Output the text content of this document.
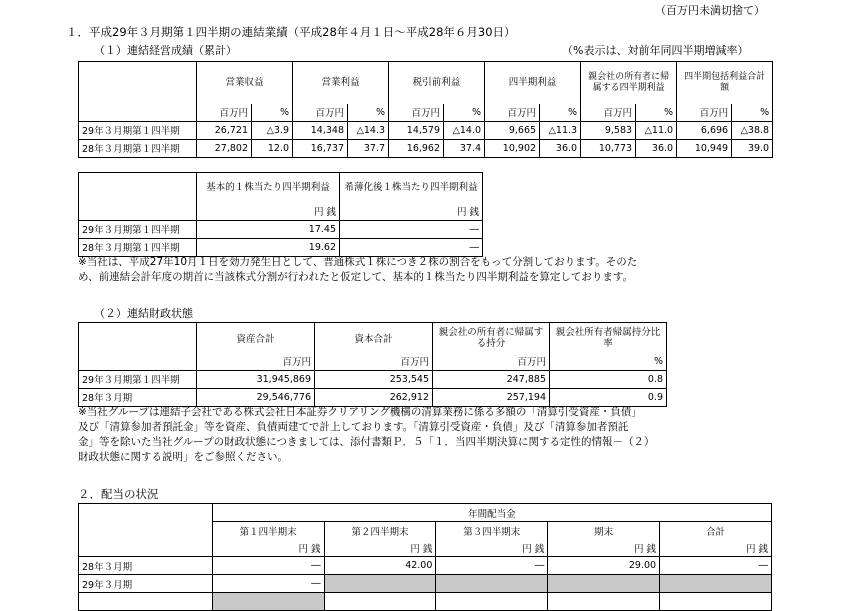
（百万円未満切捨て）
１．平成29年３月期第１四半期の連結業績（平成28年４月１日～平成28年６月30日）
（１）連結経営成績（累計）	（%表示は、対前年同四半期増減率）
	営業収益		営業利益		税引前利益		四半期利益		親会社の所有者に帰属する四半期利益		四半期包括利益合計額	
	百万円	%	百万円	%	百万円	%	百万円	%	百万円	%	百万円	%
29年３月期第１四半期	26,721	△3.9	14,348	△14.3	14,579	△14.0	9,665	△11.3	9,583	△11.0	6,696	△38.8
28年３月期第１四半期	27,802	12.0	16,737	37.7	16,962	37.4	10,902	36.0	10,773	36.0	10,949	39.0
	基本的１株当たり四半期利益	希薄化後１株当たり四半期利益
	円 銭	円 銭
29年３月期第１四半期	17.45	―
28年３月期第１四半期	19.62	―
※当社は、平成27年10月１日を効力発生日として、普通株式１株につき２株の割合をもって分割しております。そのた
め、前連結会計年度の期首に当該株式分割が行われたと仮定して、基本的１株当たり四半期利益を算定しております。
（２）連結財政状態
	資産合計	資本合計	親会社の所有者に帰属する持分	親会社所有者帰属持分比率
	百万円	百万円	百万円	%
29年３月期第１四半期	31,945,869	253,545	247,885	0.8
28年３月期	29,546,776	262,912	257,194	0.9
※当社グループは連結子会社である株式会社日本証券クリアリング機構の清算業務に係る多額の「清算引受資産・負債」
及び「清算参加者預託金」等を資産、負債両建てで計上しております。「清算引受資産・負債」及び「清算参加者預託
金」等を除いた当社グループの財政状態につきましては、添付書類Ｐ．５「１．当四半期決算に関する定性的情報－（２）
財政状態に関する説明」をご参照ください。
２．配当の状況
	年間配当金				
	第１四半期末	第２四半期末	第３四半期末	期末	合計
	円 銭	円 銭	円 銭	円 銭	円 銭
28年３月期	―	42.00	―	29.00	―
29年３月期	―				
